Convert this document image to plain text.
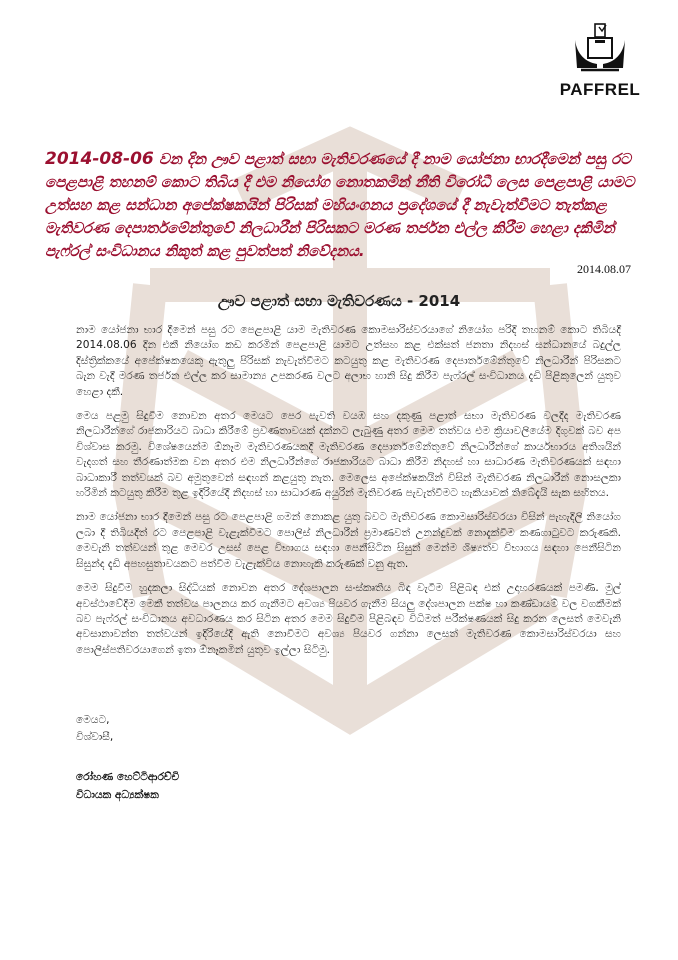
PAFFREL
2014-08-06 වන දින ඌව පළාත් සභා මැතිවරණයේ දී නාම යෝජනා භාරදීමෙන් පසු රට පෙළපාළි තහනම් කොට තිබිය දී එම නියෝග නොතකමින් නීති විරෝධී ලෙස පෙළපාළි යාමට උත්සහ කළ සන්ධාන අපේක්ෂකයින් පිරිසක් මහියංගනය ප්‍රදේශයේ දී නැවැත්වීමට තැත්කළ මැතිවරණ දෙපාර්තමේන්තුවේ නිලධාරීන් පිරිසකට මරණ තර්ජන එල්ල කිරීම හෙළා දකිමින් පැෆ්රල් සංවිධානය නිකුත් කළ පුවත්පත් නිවේදනය.
2014.08.07
ඌව පළාත් සභා මැතිවරණය - 2014

නාම යෝජනා භාර දීමෙන් පසු රට පෙළපාළි යාම මැතිවරණ කොමසාරිස්වරයාගේ නියෝග පරිදි තහනම් කොට තිබියදී 2014.08.06 දින එකී නියෝග කඩ කරමින් පෙළපාළි යාමට උත්සහ කළ එක්සත් ජනතා නිදහස් සන්ධානයේ බදුල්ල දිස්ත්‍රික්කයේ අපේක්ෂකයෙකු ඇතුලු පිරිසක් නැවැත්වීමට කටයුතු කළ මැතිවරණ දෙපාර්තමේන්තුවේ නිලධාරීන් පිරිසකට බැන වැදී මරණ තර්ජන එල්ල කර සාමාන්‍ය උපකරණ වලට අලාභ හානි සිදු කිරීම පැෆ්රල් සංවිධානය දැඩි පිළිකුලෙන් යුතුව හෙළා දකී.

මෙය පළමු සිදුවීම නොවන අතර මෙයට පෙර පැවති වයඹ සහ දකුණු පළාත් සභා මැතිවරණ වලදීද මැතිවරණ නිලධාරීන්ගේ රාජකාරියට බාධා කිරීමේ ප්‍රවණතාවයක් දක්නට ලැබුණු අතර මෙම තත්වය එම ක්‍රියාවලියේම දිගුවක් බව අප විශ්වාස කරමු. විශේෂයෙන්ම ඕනෑම මැතිවරණයකදී මැතිවරණ දෙපාර්තමේන්තුවේ නිලධාරීන්ගේ කාර්යභාරය අතිශයින් වැදගත් සහ තීරණාත්මක වන අතර එම නිලධාරීන්ගේ රාජකාරියට බාධා කිරීම නිදහස් හා සාධාරණ මැතිවරණයක් සඳහා බාධාකාරී තත්වයක් බව අමුතුවෙන් සඳහන් කළයුතු නැත. මෙලෙස අපේක්ෂකයින් විසින් මැතිවරණ නිලධාරීන් නොසලකා හරිමින් කටයුතු කිරීම තුළ ඉදිරියේදී නිදහස් හා සාධාරණ අයුරින් මැතිවරණ පැවැත්වීමට හැකියාවක් තිබේදැයි සැක සහිතය.

නාම යෝජනා භාර දීමෙන් පසු රට පෙළපාළි ගමන් නොකළ යුතු බවට මැතිවරණ කොමසාරිස්වරයා විසින් පැහැදිලි නියෝග ලබා දී තිබියදීත් රට පෙළපාළි වැළැක්වීමට පොලිස් නිලධාරීන් ප්‍රමාණවත් උනන්දුවක් නොදැක්වීම කණගාටුවට කරුණකි. මෙවැනි තත්වයන් තුළ මෙවර උසස් පෙළ විභාගය සඳහා පෙනීසිටින සිසුන් මෙන්ම ශිෂ්‍යත්ව විභාගය සඳහා පෙනීසිටින සිසුන්ද දැඩි අපහසුතාවයකට පත්වීම වැළැක්විය නොහැකි කරුණක් වනු ඇත.

මෙම සිදුවීම හුදකලා සිද්ධියක් නොවන අතර දේශපාලන සංස්කෘතිය බිඳ වැටීම පිළිබඳ එක් උදාහරණයක් පමණි. මුල් අවස්ථාවේදීම මෙකී තත්වය පාලනය කර ගැනීමට අවශ්‍ය පියවර ගැනීම සියලු දේශපාලන පක්ෂ හා කණ්ඩායම් වල වගකීමක් බව පැෆ්රල් සංවිධානය අවධාරණය කර සිටින අතර මෙම සිදුවීම පිළිබඳව විධිමත් පරීක්ෂණයක් සිදු කරන ලෙසත් මෙවැනි අවසානාවන්ත තත්වයන් ඉදිරියේදී ඇති නොවීමට අවශ්‍ය පියවර ගන්නා ලෙසත් මැතිවරණ කොමසාරිස්වරයා සහ පොලිස්පතිවරයාගෙන් ඉතා ඕනෑකමින් යුතුව ඉල්ලා සිටිමු.

මෙයට,
විශ්වාසී,
රෝහණ හෙට්ටිආරච්චි
විධායක අධ්‍යක්ෂක
